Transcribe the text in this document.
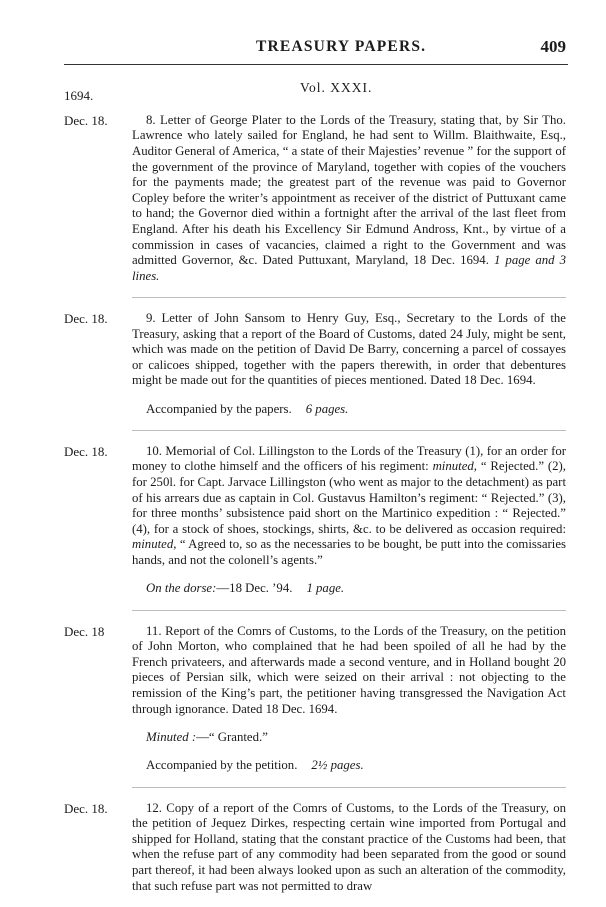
TREASURY PAPERS.	409
1694.
Vol. XXXI.
Dec. 18.	8. Letter of George Plater to the Lords of the Treasury, stating that, by Sir Tho. Lawrence who lately sailed for England, he had sent to Willm. Blaithwaite, Esq., Auditor General of America, “ a state of their Majesties’ revenue ” for the support of the government of the province of Maryland, together with copies of the vouchers for the payments made; the greatest part of the revenue was paid to Governor Copley before the writer’s appointment as receiver of the district of Puttuxant came to hand; the Governor died within a fortnight after the arrival of the last fleet from England. After his death his Excellency Sir Edmund Andross, Knt., by virtue of a commission in cases of vacancies, claimed a right to the Government and was admitted Governor, &c. Dated Puttuxant, Maryland, 18 Dec. 1694. 1 page and 3 lines.

Dec. 18.	9. Letter of John Sansom to Henry Guy, Esq., Secretary to the Lords of the Treasury, asking that a report of the Board of Customs, dated 24 July, might be sent, which was made on the petition of David De Barry, concerning a parcel of cossayes or calicoes shipped, together with the papers therewith, in order that debentures might be made out for the quantities of pieces mentioned. Dated 18 Dec. 1694.

Accompanied by the papers. 6 pages.

Dec. 18.	10. Memorial of Col. Lillingston to the Lords of the Treasury (1), for an order for money to clothe himself and the officers of his regiment: minuted, “ Rejected.” (2), for 250l. for Capt. Jarvace Lillingston (who went as major to the detachment) as part of his arrears due as captain in Col. Gustavus Hamilton’s regiment: “ Rejected.” (3), for three months’ subsistence paid short on the Martinico expedition : “ Rejected.” (4), for a stock of shoes, stockings, shirts, &c. to be delivered as occasion required: minuted, “ Agreed to, so as the necessaries to be bought, be putt into the comissaries hands, and not the colonell’s agents.”

On the dorse:—18 Dec. ’94. 1 page.

Dec. 18	11. Report of the Comrs of Customs, to the Lords of the Treasury, on the petition of John Morton, who complained that he had been spoiled of all he had by the French privateers, and afterwards made a second venture, and in Holland bought 20 pieces of Persian silk, which were seized on their arrival : not objecting to the remission of the King’s part, the petitioner having transgressed the Navigation Act through ignorance. Dated 18 Dec. 1694.

Minuted :—“ Granted.”

Accompanied by the petition. 2½ pages.

Dec. 18.	12. Copy of a report of the Comrs of Customs, to the Lords of the Treasury, on the petition of Jequez Dirkes, respecting certain wine imported from Portugal and shipped for Holland, stating that the constant practice of the Customs had been, that when the refuse part of any commodity had been separated from the good or sound part thereof, it had been always looked upon as such an alteration of the commodity, that such refuse part was not permitted to draw
